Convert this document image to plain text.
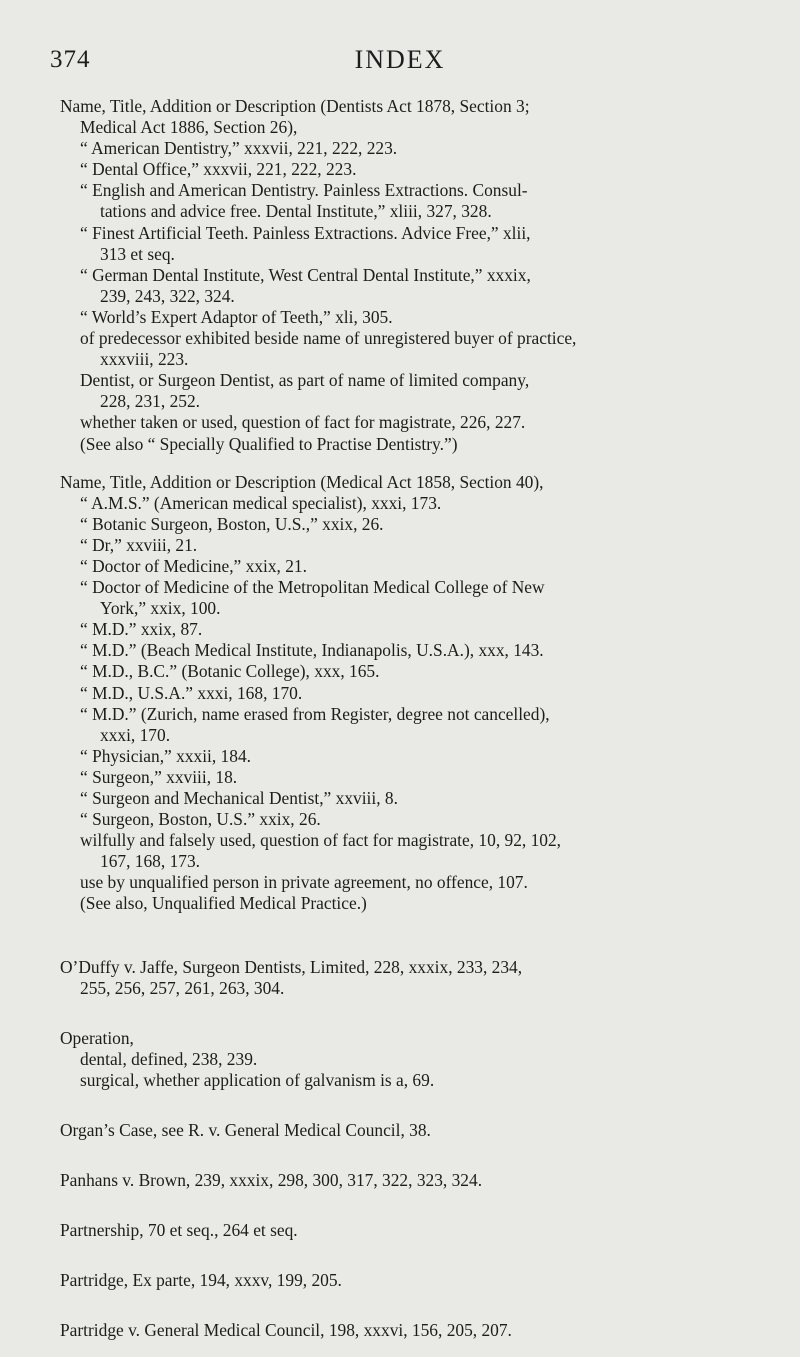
374	INDEX
Name, Title, Addition or Description (Dentists Act 1878, Section 3;
Medical Act 1886, Section 26),
“ American Dentistry,” xxxvii, 221, 222, 223.
“ Dental Office,” xxxvii, 221, 222, 223.
“ English and American Dentistry. Painless Extractions. Consul-
tations and advice free. Dental Institute,” xliii, 327, 328.
“ Finest Artificial Teeth. Painless Extractions. Advice Free,” xlii,
313 et seq.
“ German Dental Institute, West Central Dental Institute,” xxxix,
239, 243, 322, 324.
“ World’s Expert Adaptor of Teeth,” xli, 305.
of predecessor exhibited beside name of unregistered buyer of practice,
xxxviii, 223.
Dentist, or Surgeon Dentist, as part of name of limited company,
228, 231, 252.
whether taken or used, question of fact for magistrate, 226, 227.
(See also “ Specially Qualified to Practise Dentistry.”)
Name, Title, Addition or Description (Medical Act 1858, Section 40),
“ A.M.S.” (American medical specialist), xxxi, 173.
“ Botanic Surgeon, Boston, U.S.,” xxix, 26.
“ Dr,” xxviii, 21.
“ Doctor of Medicine,” xxix, 21.
“ Doctor of Medicine of the Metropolitan Medical College of New
York,” xxix, 100.
“ M.D.” xxix, 87.
“ M.D.” (Beach Medical Institute, Indianapolis, U.S.A.), xxx, 143.
“ M.D., B.C.” (Botanic College), xxx, 165.
“ M.D., U.S.A.” xxxi, 168, 170.
“ M.D.” (Zurich, name erased from Register, degree not cancelled),
xxxi, 170.
“ Physician,” xxxii, 184.
“ Surgeon,” xxviii, 18.
“ Surgeon and Mechanical Dentist,” xxviii, 8.
“ Surgeon, Boston, U.S.” xxix, 26.
wilfully and falsely used, question of fact for magistrate, 10, 92, 102,
167, 168, 173.
use by unqualified person in private agreement, no offence, 107.
(See also, Unqualified Medical Practice.)
O’Duffy v. Jaffe, Surgeon Dentists, Limited, 228, xxxix, 233, 234,
255, 256, 257, 261, 263, 304.
Operation,
dental, defined, 238, 239.
surgical, whether application of galvanism is a, 69.
Organ’s Case, see R. v. General Medical Council, 38.
Panhans v. Brown, 239, xxxix, 298, 300, 317, 322, 323, 324.
Partnership, 70 et seq., 264 et seq.
Partridge, Ex parte, 194, xxxv, 199, 205.
Partridge v. General Medical Council, 198, xxxvi, 156, 205, 207.
